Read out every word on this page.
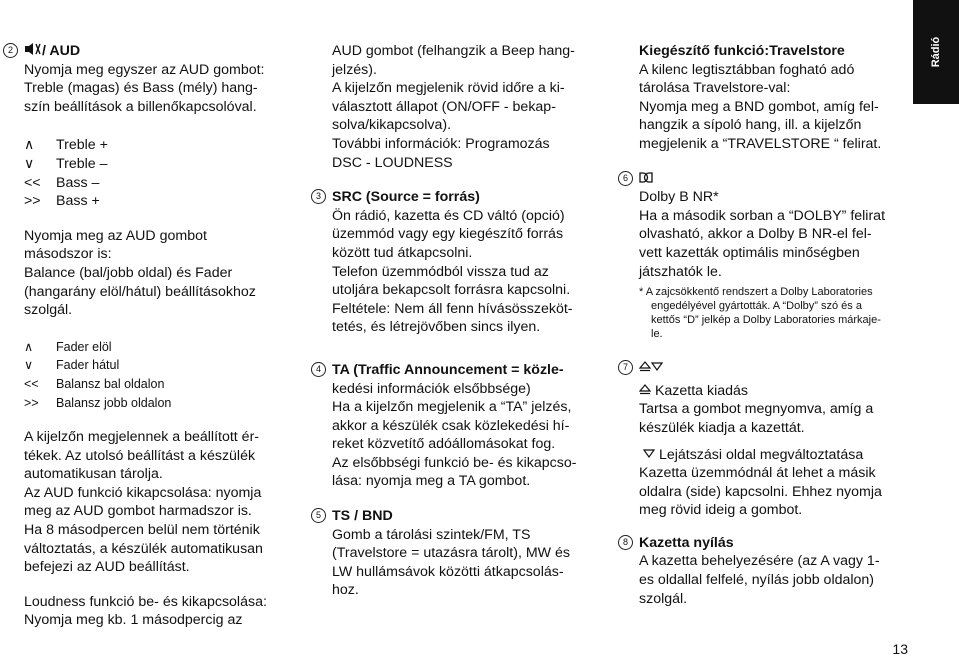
Rádió
2	/ AUD

Nyomja meg egyszer az AUD gombot:

Treble (magas) és Bass (mély) hang-

szín beállítások a billenőkapcsolóval.

∧ Treble +

∨ Treble –

<< Bass –

>> Bass +

Nyomja meg az AUD gombot

másodszor is:

Balance (bal/jobb oldal) és Fader

(hangarány elöl/hátul) beállításokhoz

szolgál.

∧ Fader elöl

∨ Fader hátul

<< Balansz bal oldalon

>> Balansz jobb oldalon

A kijelzőn megjelennek a beállított ér-

tékek. Az utolsó beállítást a készülék

automatikusan tárolja.

Az AUD funkció kikapcsolása: nyomja

meg az AUD gombot harmadszor is.

Ha 8 másodpercen belül nem történik

változtatás, a készülék automatikusan

befejezi az AUD beállítást.

Loudness funkció be- és kikapcsolása:

Nyomja meg kb. 1 másodpercig az

AUD gombot (felhangzik a Beep hang-

jelzés).

A kijelzőn megjelenik rövid időre a ki-

választott állapot (ON/OFF - bekap-

solva/kikapcsolva).

További információk: Programozás

DSC - LOUDNESS

3 SRC (Source = forrás)

Ön rádió, kazetta és CD váltó (opció)

üzemmód vagy egy kiegészítő forrás

között tud átkapcsolni.

Telefon üzemmódból vissza tud az

utoljára bekapcsolt forrásra kapcsolni.

Feltétele: Nem áll fenn hívásösszeköt-

tetés, és létrejövőben sincs ilyen.

4 TA (Traffic Announcement = közle-

kedési információk elsőbbsége)

Ha a kijelzőn megjelenik a “TA” jelzés,

akkor a készülék csak közlekedési hí-

reket közvetítő adóállomásokat fog.

Az elsőbbségi funkció be- és kikapcso-

lása: nyomja meg a TA gombot.

5 TS / BND

Gomb a tárolási szintek/FM, TS

(Travelstore = utazásra tárolt), MW és

LW hullámsávok közötti átkapcsolás-

hoz.

Kiegészítő funkció:Travelstore

A kilenc legtisztábban fogható adó

tárolása Travelstore-val:

Nyomja meg a BND gombot, amíg fel-

hangzik a sípoló hang, ill. a kijelzőn

megjelenik a “TRAVELSTORE “ felirat.

6

Dolby B NR*

Ha a második sorban a “DOLBY” felirat

olvasható, akkor a Dolby B NR-el fel-

vett kazetták optimális minőségben

játszhatók le.

* A zajcsökkentő rendszert a Dolby Laboratories

engedélyével gyártották. A “Dolby” szó és a

kettős “D” jelkép a Dolby Laboratories márkaje-

le.

7

Kazetta kiadás

Tartsa a gombot megnyomva, amíg a

készülék kiadja a kazettát.

Lejátszási oldal megváltoztatása

Kazetta üzemmódnál át lehet a másik

oldalra (side) kapcsolni. Ehhez nyomja

meg rövid ideig a gombot.

8 Kazetta nyílás

A kazetta behelyezésére (az A vagy 1-

es oldallal felfelé, nyílás jobb oldalon)

szolgál.

13
